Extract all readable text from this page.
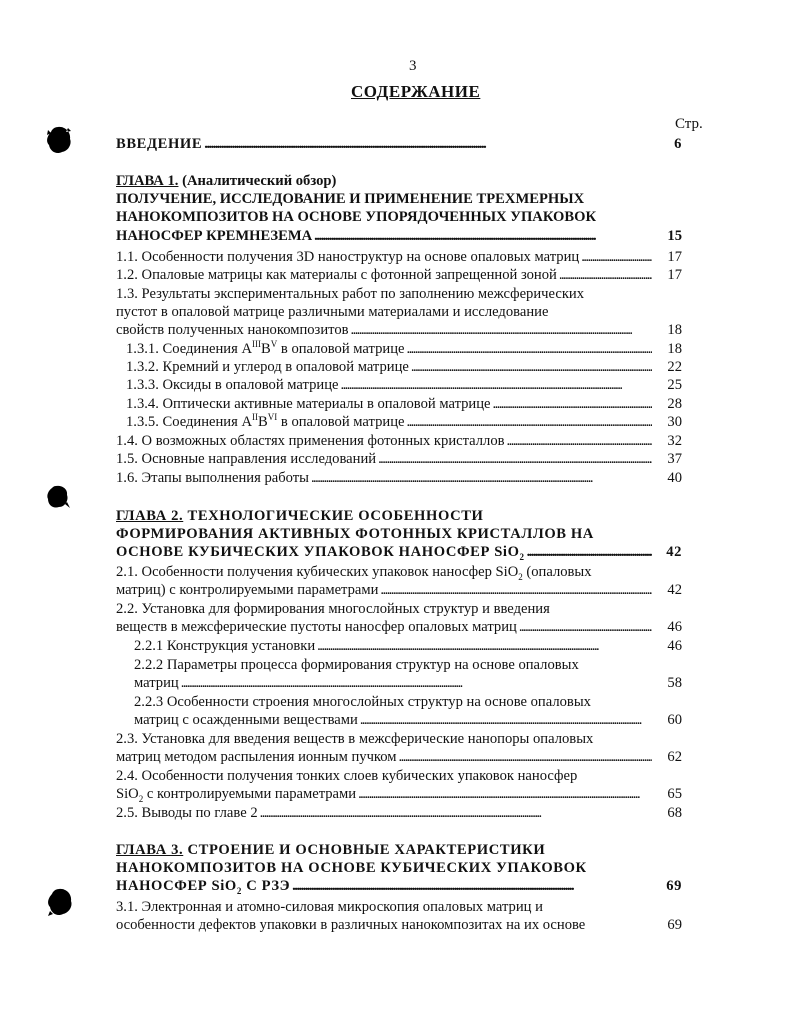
3
СОДЕРЖАНИЕ
Стр.
ВВЕДЕНИЕ . . .	6
ГЛАВА 1. (Аналитический обзор)
ПОЛУЧЕНИЕ, ИССЛЕДОВАНИЕ И ПРИМЕНЕНИЕ ТРЕХМЕРНЫХ
НАНОКОМПОЗИТОВ НА ОСНОВЕ УПОРЯДОЧЕННЫХ УПАКОВОК
НАНОСФЕР КРЕМНЕЗЕМА . . .	15
1.1. Особенности получения 3D наноструктур на основе опаловых матриц . . .	17
1.2. Опаловые матрицы как материалы с фотонной запрещенной зоной . . .	17
1.3. Результаты экспериментальных работ по заполнению межсферических
пустот в опаловой матрице различными материалами и исследование
свойств полученных нанокомпозитов . . .	18
1.3.1. Соединения $A^{III}B^V$ в опаловой матрице . . .	18
1.3.2. Кремний и углерод в опаловой матрице . . .	22
1.3.3. Оксиды в опаловой матрице . . .	25
1.3.4. Оптически активные материалы в опаловой матрице . . .	28
1.3.5. Соединения $A^{II}B^{VI}$ в опаловой матрице . . .	30
1.4. О возможных областях применения фотонных кристаллов . . .	32
1.5. Основные направления исследований . . .	37
1.6. Этапы выполнения работы . . .	40
ГЛАВА 2. ТЕХНОЛОГИЧЕСКИЕ ОСОБЕННОСТИ
ФОРМИРОВАНИЯ АКТИВНЫХ ФОТОННЫХ КРИСТАЛЛОВ НА
ОСНОВЕ КУБИЧЕСКИХ УПАКОВОК НАНОСФЕР SiO$_2$ . . .	42
2.1. Особенности получения кубических упаковок наносфер SiO$_2$ (опаловых
матриц) с контролируемыми параметрами . . .	42
2.2. Установка для формирования многослойных структур и введения
веществ в межсферические пустоты наносфер опаловых матриц . . .	46
2.2.1 Конструкция установки . . .	46
2.2.2 Параметры процесса формирования структур на основе опаловых
матриц . . .	58
2.2.3 Особенности строения многослойных структур на основе опаловых
матриц с осажденными веществами . . .	60
2.3. Установка для введения веществ в межсферические нанопоры опаловых
матриц методом распыления ионным пучком . . .	62
2.4. Особенности получения тонких слоев кубических упаковок наносфер
SiO$_2$ с контролируемыми параметрами . . .	65
2.5. Выводы по главе 2 . . .	68
ГЛАВА 3. СТРОЕНИЕ И ОСНОВНЫЕ ХАРАКТЕРИСТИКИ
НАНОКОМПОЗИТОВ НА ОСНОВЕ КУБИЧЕСКИХ УПАКОВОК
НАНОСФЕР SiO$_2$ С РЗЭ . . .	69
3.1. Электронная и атомно-силовая микроскопия опаловых матриц и
особенности дефектов упаковки в различных нанокомпозитах на их основе	69
